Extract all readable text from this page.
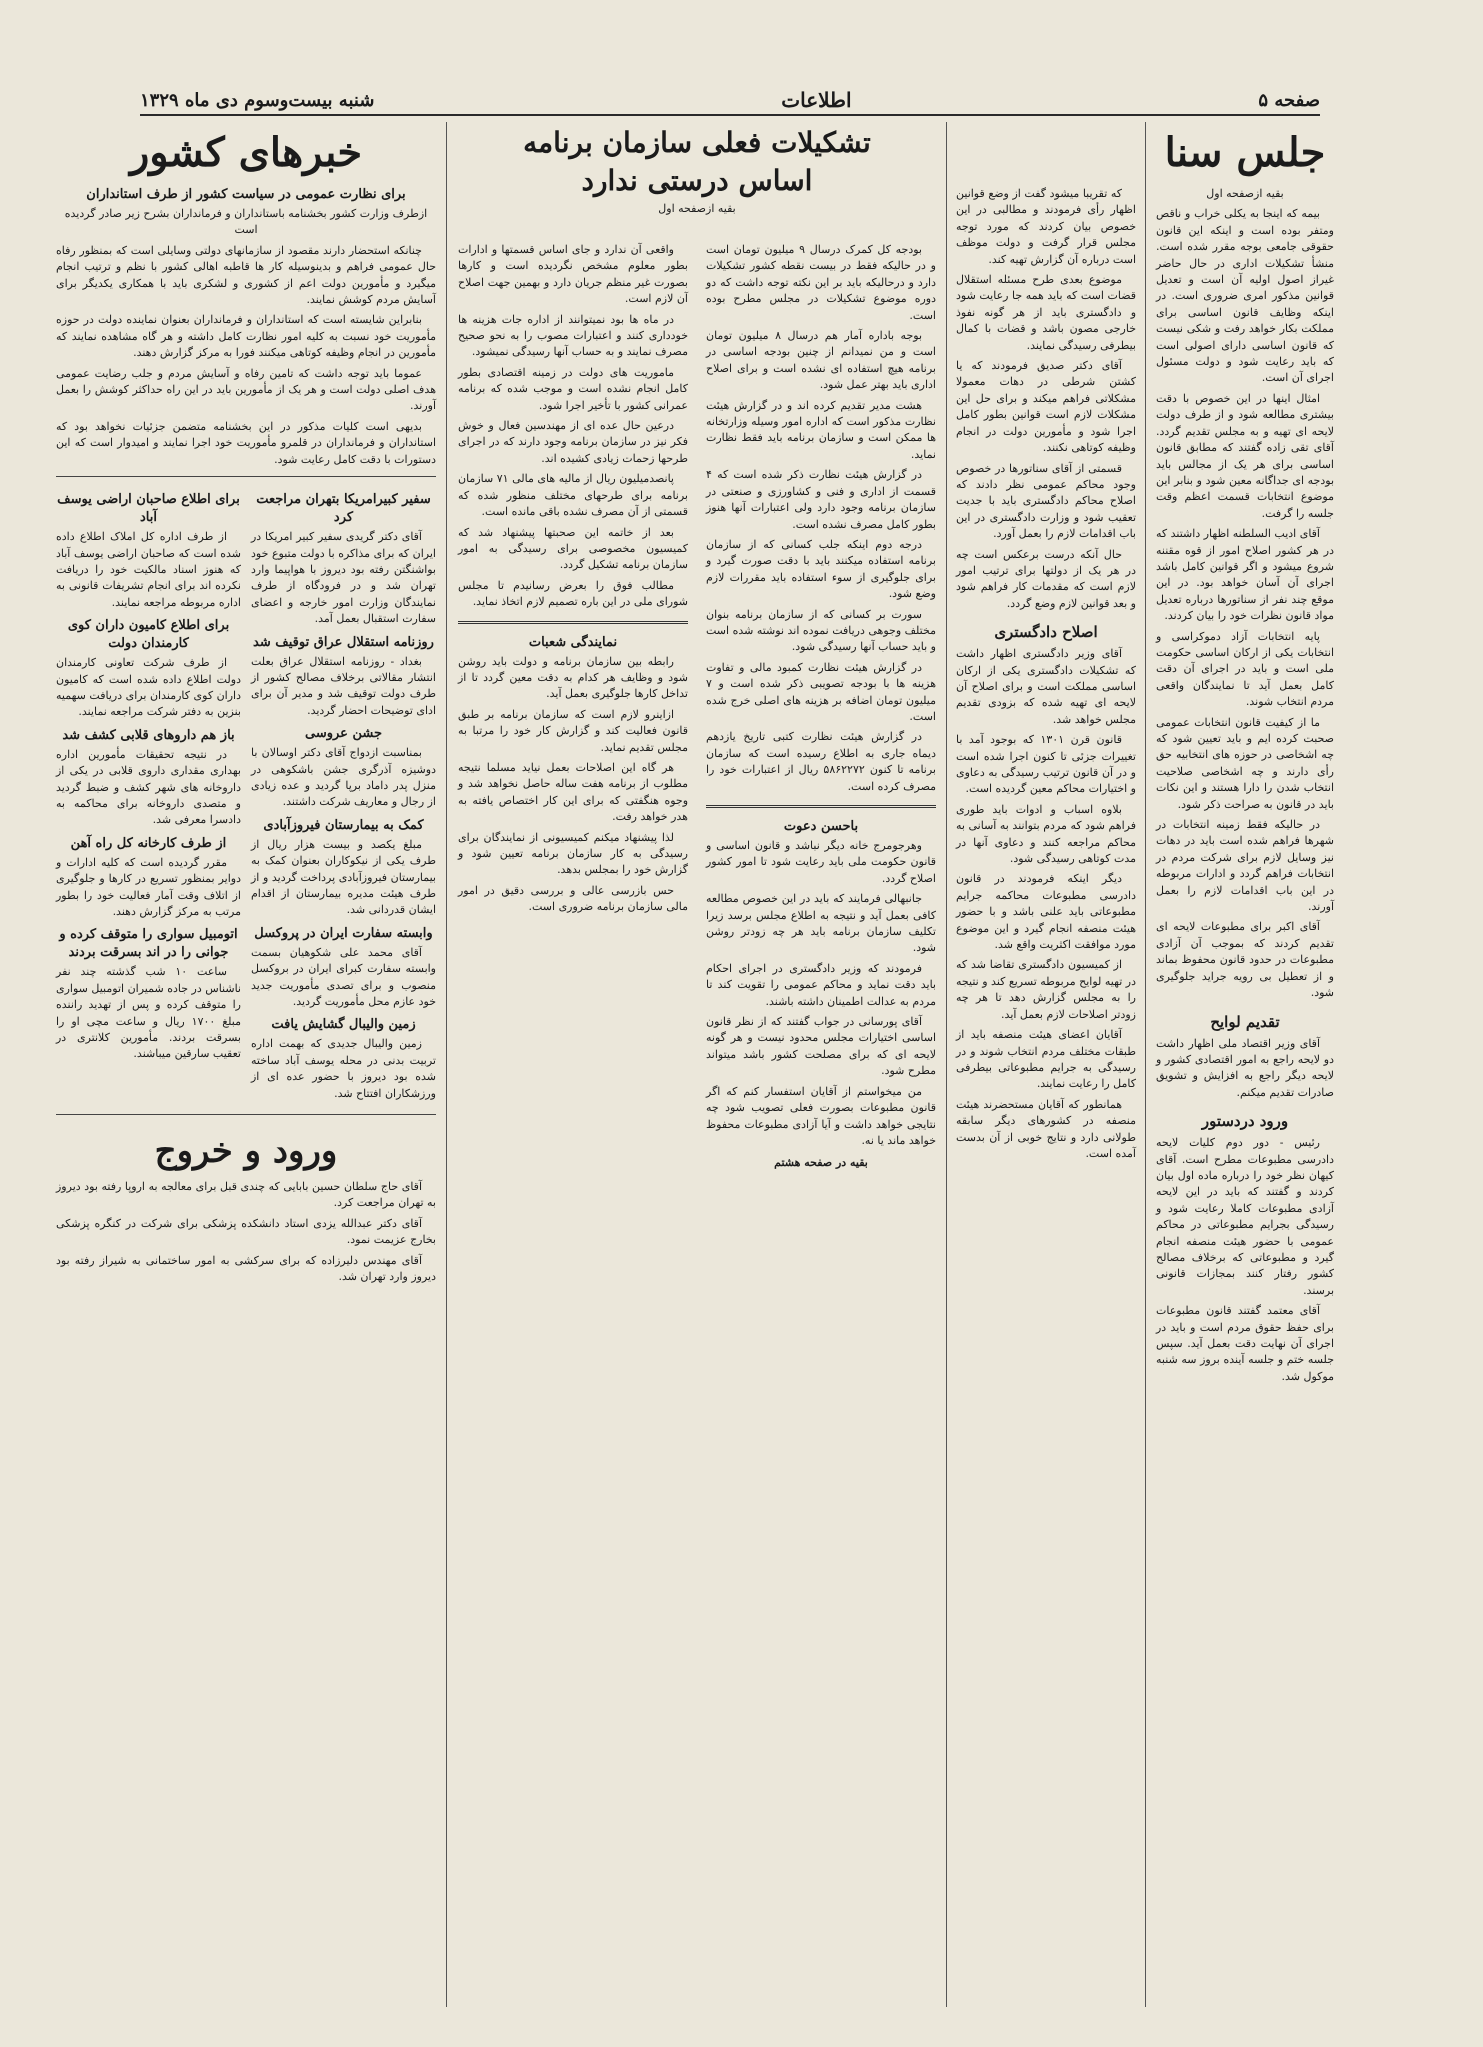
صفحه ۵
اطلاعات
شنبه بیست‌وسوم دی ماه ۱۳۲۹
جلس سنا
بقیه ازصفحه اول

بیمه که اینجا به یکلی خراب و ناقص ومتفر بوده است و اینکه این قانون حقوقی جامعی بوجه مقرر شده است. منشأ تشکیلات اداری در حال حاضر غیراز اصول اولیه آن است و تعدیل قوانین مذکور امری ضروری است. در اینکه وظایف قانون اساسی برای مملکت بکار خواهد رفت و شکی نیست که قانون اساسی دارای اصولی است که باید رعایت شود و دولت مسئول اجرای آن است.

امثال اینها در این خصوص با دقت بیشتری مطالعه شود و از طرف دولت لایحه ای تهیه و به مجلس تقدیم گردد. آقای تقی زاده گفتند که مطابق قانون اساسی برای هر یک از مجالس باید بودجه ای جداگانه معین شود و بنابر این موضوع انتخابات قسمت اعظم وقت جلسه را گرفت.

آقای ادیب السلطنه اظهار داشتند که در هر کشور اصلاح امور از قوه مقننه شروع میشود و اگر قوانین کامل باشد اجرای آن آسان خواهد بود. در این موقع چند نفر از سناتورها درباره تعدیل مواد قانون نظرات خود را بیان کردند.

پایه انتخابات آزاد دموکراسی و انتخابات یکی از ارکان اساسی حکومت ملی است و باید در اجرای آن دقت کامل بعمل آید تا نمایندگان واقعی مردم انتخاب شوند.

ما از کیفیت قانون انتخابات عمومی صحبت کرده ایم و باید تعیین شود که چه اشخاصی در حوزه های انتخابیه حق رأی دارند و چه اشخاصی صلاحیت انتخاب شدن را دارا هستند و این نکات باید در قانون به صراحت ذکر شود.

در حالیکه فقط زمینه انتخابات در شهرها فراهم شده است باید در دهات نیز وسایل لازم برای شرکت مردم در انتخابات فراهم گردد و ادارات مربوطه در این باب اقدامات لازم را بعمل آورند.

آقای اکبر برای مطبوعات لایحه ای تقدیم کردند که بموجب آن آزادی مطبوعات در حدود قانون محفوظ بماند و از تعطیل بی رویه جراید جلوگیری شود.

تقدیم لوایح

آقای وزیر اقتصاد ملی اظهار داشت دو لایحه راجع به امور اقتصادی کشور و لایحه دیگر راجع به افزایش و تشویق صادرات تقدیم میکنم.

ورود دردستور

رئیس - دور دوم کلیات لایحه دادرسی مطبوعات مطرح است. آقای کیهان نظر خود را درباره ماده اول بیان کردند و گفتند که باید در این لایحه آزادی مطبوعات کاملا رعایت شود و رسیدگی بجرایم مطبوعاتی در محاکم عمومی با حضور هیئت منصفه انجام گیرد و مطبوعاتی که برخلاف مصالح کشور رفتار کنند بمجازات قانونی برسند.

آقای معتمد گفتند قانون مطبوعات برای حفظ حقوق مردم است و باید در اجرای آن نهایت دقت بعمل آید. سپس جلسه ختم و جلسه آینده بروز سه شنبه موکول شد.

که تقریبا میشود گفت از وضع قوانین اظهار رأی فرمودند و مطالبی در این خصوص بیان کردند که مورد توجه مجلس قرار گرفت و دولت موظف است درباره آن گزارش تهیه کند.

موضوع بعدی طرح مسئله استقلال قضات است که باید همه جا رعایت شود و دادگستری باید از هر گونه نفوذ خارجی مصون باشد و قضات با کمال بیطرفی رسیدگی نمایند.

آقای دکتر صدیق فرمودند که یا کشتن شرطی در دهات معمولا مشکلاتی فراهم میکند و برای حل این مشکلات لازم است قوانین بطور کامل اجرا شود و مأمورین دولت در انجام وظیفه کوتاهی نکنند.

قسمتی از آقای سناتورها در خصوص وجود محاکم عمومی نظر دادند که اصلاح محاکم دادگستری باید با جدیت تعقیب شود و وزارت دادگستری در این باب اقدامات لازم را بعمل آورد.

حال آنکه درست برعکس است چه در هر یک از دولتها برای ترتیب امور لازم است که مقدمات کار فراهم شود و بعد قوانین لازم وضع گردد.

اصلاح دادگستری

آقای وزیر دادگستری اظهار داشت که تشکیلات دادگستری یکی از ارکان اساسی مملکت است و برای اصلاح آن لایحه ای تهیه شده که بزودی تقدیم مجلس خواهد شد.

قانون قرن ۱۳۰۱ که بوجود آمد با تغییرات جزئی تا کنون اجرا شده است و در آن قانون ترتیب رسیدگی به دعاوی و اختیارات محاکم معین گردیده است.

بلاوه اسباب و ادوات باید طوری فراهم شود که مردم بتوانند به آسانی به محاکم مراجعه کنند و دعاوی آنها در مدت کوتاهی رسیدگی شود.

دیگر اینکه فرمودند در قانون دادرسی مطبوعات محاکمه جرایم مطبوعاتی باید علنی باشد و با حضور هیئت منصفه انجام گیرد و این موضوع مورد موافقت اکثریت واقع شد.

از کمیسیون دادگستری تقاضا شد که در تهیه لوایح مربوطه تسریع کند و نتیجه را به مجلس گزارش دهد تا هر چه زودتر اصلاحات لازم بعمل آید.

آقایان اعضای هیئت منصفه باید از طبقات مختلف مردم انتخاب شوند و در رسیدگی به جرایم مطبوعاتی بیطرفی کامل را رعایت نمایند.

همانطور که آقایان مستحضرند هیئت منصفه در کشورهای دیگر سابقه طولانی دارد و نتایج خوبی از آن بدست آمده است.

بودجه کل کمرک درسال ۹ میلیون تومان است و در حالیکه فقط در بیست نقطه کشور تشکیلات دارد و درحالیکه باید بر این نکته توجه داشت که دو دوره موضوع تشکیلات در مجلس مطرح بوده است.

بوجه باداره آمار هم درسال ۸ میلیون تومان است و من نمیدانم از چنین بودجه اساسی در برنامه هیچ استفاده ای نشده است و برای اصلاح اداری باید بهتر عمل شود.

هشت مدیر تقدیم کرده اند و در گزارش هیئت نظارت مذکور است که اداره امور وسیله وزارتخانه ها ممکن است و سازمان برنامه باید فقط نظارت نماید.

در گزارش هیئت نظارت ذکر شده است که ۴ قسمت از اداری و فنی و کشاورزی و صنعتی در سازمان برنامه وجود دارد ولی اعتبارات آنها هنوز بطور کامل مصرف نشده است.

درجه دوم اینکه جلب کسانی که از سازمان برنامه استفاده میکنند باید با دقت صورت گیرد و برای جلوگیری از سوء استفاده باید مقررات لازم وضع شود.

سورت بر کسانی که از سازمان برنامه بنوان مختلف وجوهی دریافت نموده اند نوشته شده است و باید حساب آنها رسیدگی شود.

در گزارش هیئت نظارت کمبود مالی و تفاوت هزینه ها با بودجه تصویبی ذکر شده است و ۷ میلیون تومان اضافه بر هزینه های اصلی خرج شده است.

در گزارش هیئت نظارت کتبی تاریخ یازدهم دیماه جاری به اطلاع رسیده است که سازمان برنامه تا کنون ۵۸۶۲۲۷۲ ریال از اعتبارات خود را مصرف کرده است.

باحسن دعوت

وهرجومرج خانه دیگر نباشد و قانون اساسی و قانون حکومت ملی باید رعایت شود تا امور کشور اصلاح گردد.

جانبهالی فرمایند که باید در این خصوص مطالعه کافی بعمل آید و نتیجه به اطلاع مجلس برسد زیرا تکلیف سازمان برنامه باید هر چه زودتر روشن شود.

فرمودند که وزیر دادگستری در اجرای احکام باید دقت نماید و محاکم عمومی را تقویت کند تا مردم به عدالت اطمینان داشته باشند.

آقای پورسانی در جواب گفتند که از نظر قانون اساسی اختیارات مجلس محدود نیست و هر گونه لایحه ای که برای مصلحت کشور باشد میتواند مطرح شود.

من میخواستم از آقایان استفسار کنم که اگر قانون مطبوعات بصورت فعلی تصویب شود چه نتایجی خواهد داشت و آیا آزادی مطبوعات محفوظ خواهد ماند یا نه.

بقیه در صفحه هشتم

واقعی آن ندارد و جای اساس قسمتها و ادارات بطور معلوم مشخص نگردیده است و کارها بصورت غیر منظم جریان دارد و بهمین جهت اصلاح آن لازم است.

در ماه ها بود نمیتوانند از اداره جات هزینه ها خودداری کنند و اعتبارات مصوب را به نحو صحیح مصرف نمایند و به حساب آنها رسیدگی نمیشود.

ماموریت های دولت در زمینه اقتصادی بطور کامل انجام نشده است و موجب شده که برنامه عمرانی کشور با تأخیر اجرا شود.

درعین حال عده ای از مهندسین فعال و خوش فکر نیز در سازمان برنامه وجود دارند که در اجرای طرحها زحمات زیادی کشیده اند.

پانصدمیلیون ریال از مالیه های مالی ۷۱ سازمان برنامه برای طرحهای مختلف منظور شده که قسمتی از آن مصرف نشده باقی مانده است.

بعد از خاتمه این صحبتها پیشنهاد شد که کمیسیون مخصوصی برای رسیدگی به امور سازمان برنامه تشکیل گردد.

مطالب فوق را بعرض رسانیدم تا مجلس شورای ملی در این باره تصمیم لازم اتخاذ نماید.

نمایندگی شعبات

رابطه بین سازمان برنامه و دولت باید روشن شود و وظایف هر کدام به دقت معین گردد تا از تداخل کارها جلوگیری بعمل آید.

ازاینرو لازم است که سازمان برنامه بر طبق قانون فعالیت کند و گزارش کار خود را مرتبا به مجلس تقدیم نماید.

هر گاه این اصلاحات بعمل نیاید مسلما نتیجه مطلوب از برنامه هفت ساله حاصل نخواهد شد و وجوه هنگفتی که برای این کار اختصاص یافته به هدر خواهد رفت.

لذا پیشنهاد میکنم کمیسیونی از نمایندگان برای رسیدگی به کار سازمان برنامه تعیین شود و گزارش خود را بمجلس بدهد.

حس بازرسی عالی و بررسی دقیق در امور مالی سازمان برنامه ضروری است.

تشکیلات فعلی سازمان برنامه
اساس درستی ندارد
بقیه ازصفحه اول
خبرهای کشور
برای نظارت عمومی در سیاست کشور از طرف استانداران
ازطرف وزارت کشور بخشنامه باستانداران و فرمانداران بشرح زیر صادر گردیده است

چنانکه استحضار دارند مقصود از سازمانهای دولتی وسایلی است که بمنظور رفاه حال عمومی فراهم و بدینوسیله کار ها قاطبه اهالی کشور با نظم و ترتیب انجام میگیرد و مأمورین دولت اعم از کشوری و لشکری باید با همکاری یکدیگر برای آسایش مردم کوشش نمایند.

بنابراین شایسته است که استانداران و فرمانداران بعنوان نماینده دولت در حوزه مأموریت خود نسبت به کلیه امور نظارت کامل داشته و هر گاه مشاهده نمایند که مأمورین در انجام وظیفه کوتاهی میکنند فورا به مرکز گزارش دهند.

عموما باید توجه داشت که تامین رفاه و آسایش مردم و جلب رضایت عمومی هدف اصلی دولت است و هر یک از مأمورین باید در این راه حداکثر کوشش را بعمل آورند.

بدیهی است کلیات مذکور در این بخشنامه متضمن جزئیات نخواهد بود که استانداران و فرمانداران در قلمرو مأموریت خود اجرا نمایند و امیدوار است که این دستورات با دقت کامل رعایت شود.

سفیر کبیرامریکا بتهران مراجعت کرد

آقای دکتر گریدی سفیر کبیر امریکا در ایران که برای مذاکره با دولت متبوع خود بواشنگتن رفته بود دیروز با هواپیما وارد تهران شد و در فرودگاه از طرف نمایندگان وزارت امور خارجه و اعضای سفارت استقبال بعمل آمد.

روزنامه استقلال عراق توقیف شد

بغداد - روزنامه استقلال عراق بعلت انتشار مقالاتی برخلاف مصالح کشور از طرف دولت توقیف شد و مدیر آن برای ادای توضیحات احضار گردید.

جشن عروسی

بمناسبت ازدواج آقای دکتر اوسالان با دوشیزه آذرگری جشن باشکوهی در منزل پدر داماد برپا گردید و عده زیادی از رجال و معاریف شرکت داشتند.

کمک به بیمارستان فیروزآبادی

مبلغ یکصد و بیست هزار ریال از طرف یکی از نیکوکاران بعنوان کمک به بیمارستان فیروزآبادی پرداخت گردید و از طرف هیئت مدیره بیمارستان از اقدام ایشان قدردانی شد.

وابسته سفارت ایران در پروکسل

آقای محمد علی شکوهیان بسمت وابسته سفارت کبرای ایران در بروکسل منصوب و برای تصدی مأموریت جدید خود عازم محل مأموریت گردید.

زمین والیبال گشایش یافت

زمین والیبال جدیدی که بهمت اداره تربیت بدنی در محله یوسف آباد ساخته شده بود دیروز با حضور عده ای از ورزشکاران افتتاح شد.

برای اطلاع صاحبان اراضی یوسف آباد

از طرف اداره کل املاک اطلاع داده شده است که صاحبان اراضی یوسف آباد که هنوز اسناد مالکیت خود را دریافت نکرده اند برای انجام تشریفات قانونی به اداره مربوطه مراجعه نمایند.

برای اطلاع کامیون داران کوی کارمندان دولت

از طرف شرکت تعاونی کارمندان دولت اطلاع داده شده است که کامیون داران کوی کارمندان برای دریافت سهمیه بنزین به دفتر شرکت مراجعه نمایند.

باز هم داروهای قلابی کشف شد

در نتیجه تحقیقات مأمورین اداره بهداری مقداری داروی قلابی در یکی از داروخانه های شهر کشف و ضبط گردید و متصدی داروخانه برای محاکمه به دادسرا معرفی شد.

از طرف کارخانه کل راه آهن

مقرر گردیده است که کلیه ادارات و دوایر بمنظور تسریع در کارها و جلوگیری از اتلاف وقت آمار فعالیت خود را بطور مرتب به مرکز گزارش دهند.

اتومبیل سواری را متوقف کرده و جوانی را در اند بسرقت بردند

ساعت ۱۰ شب گذشته چند نفر ناشناس در جاده شمیران اتومبیل سواری را متوقف کرده و پس از تهدید راننده مبلغ ۱۷۰۰ ریال و ساعت مچی او را بسرقت بردند. مأمورین کلانتری در تعقیب سارقین میباشند.

ورود و خروج

آقای حاج سلطان حسین بابایی که چندی قبل برای معالجه به اروپا رفته بود دیروز به تهران مراجعت کرد.

آقای دکتر عبدالله یزدی استاد دانشکده پزشکی برای شرکت در کنگره پزشکی بخارج عزیمت نمود.

آقای مهندس دلیرزاده که برای سرکشی به امور ساختمانی به شیراز رفته بود دیروز وارد تهران شد.
